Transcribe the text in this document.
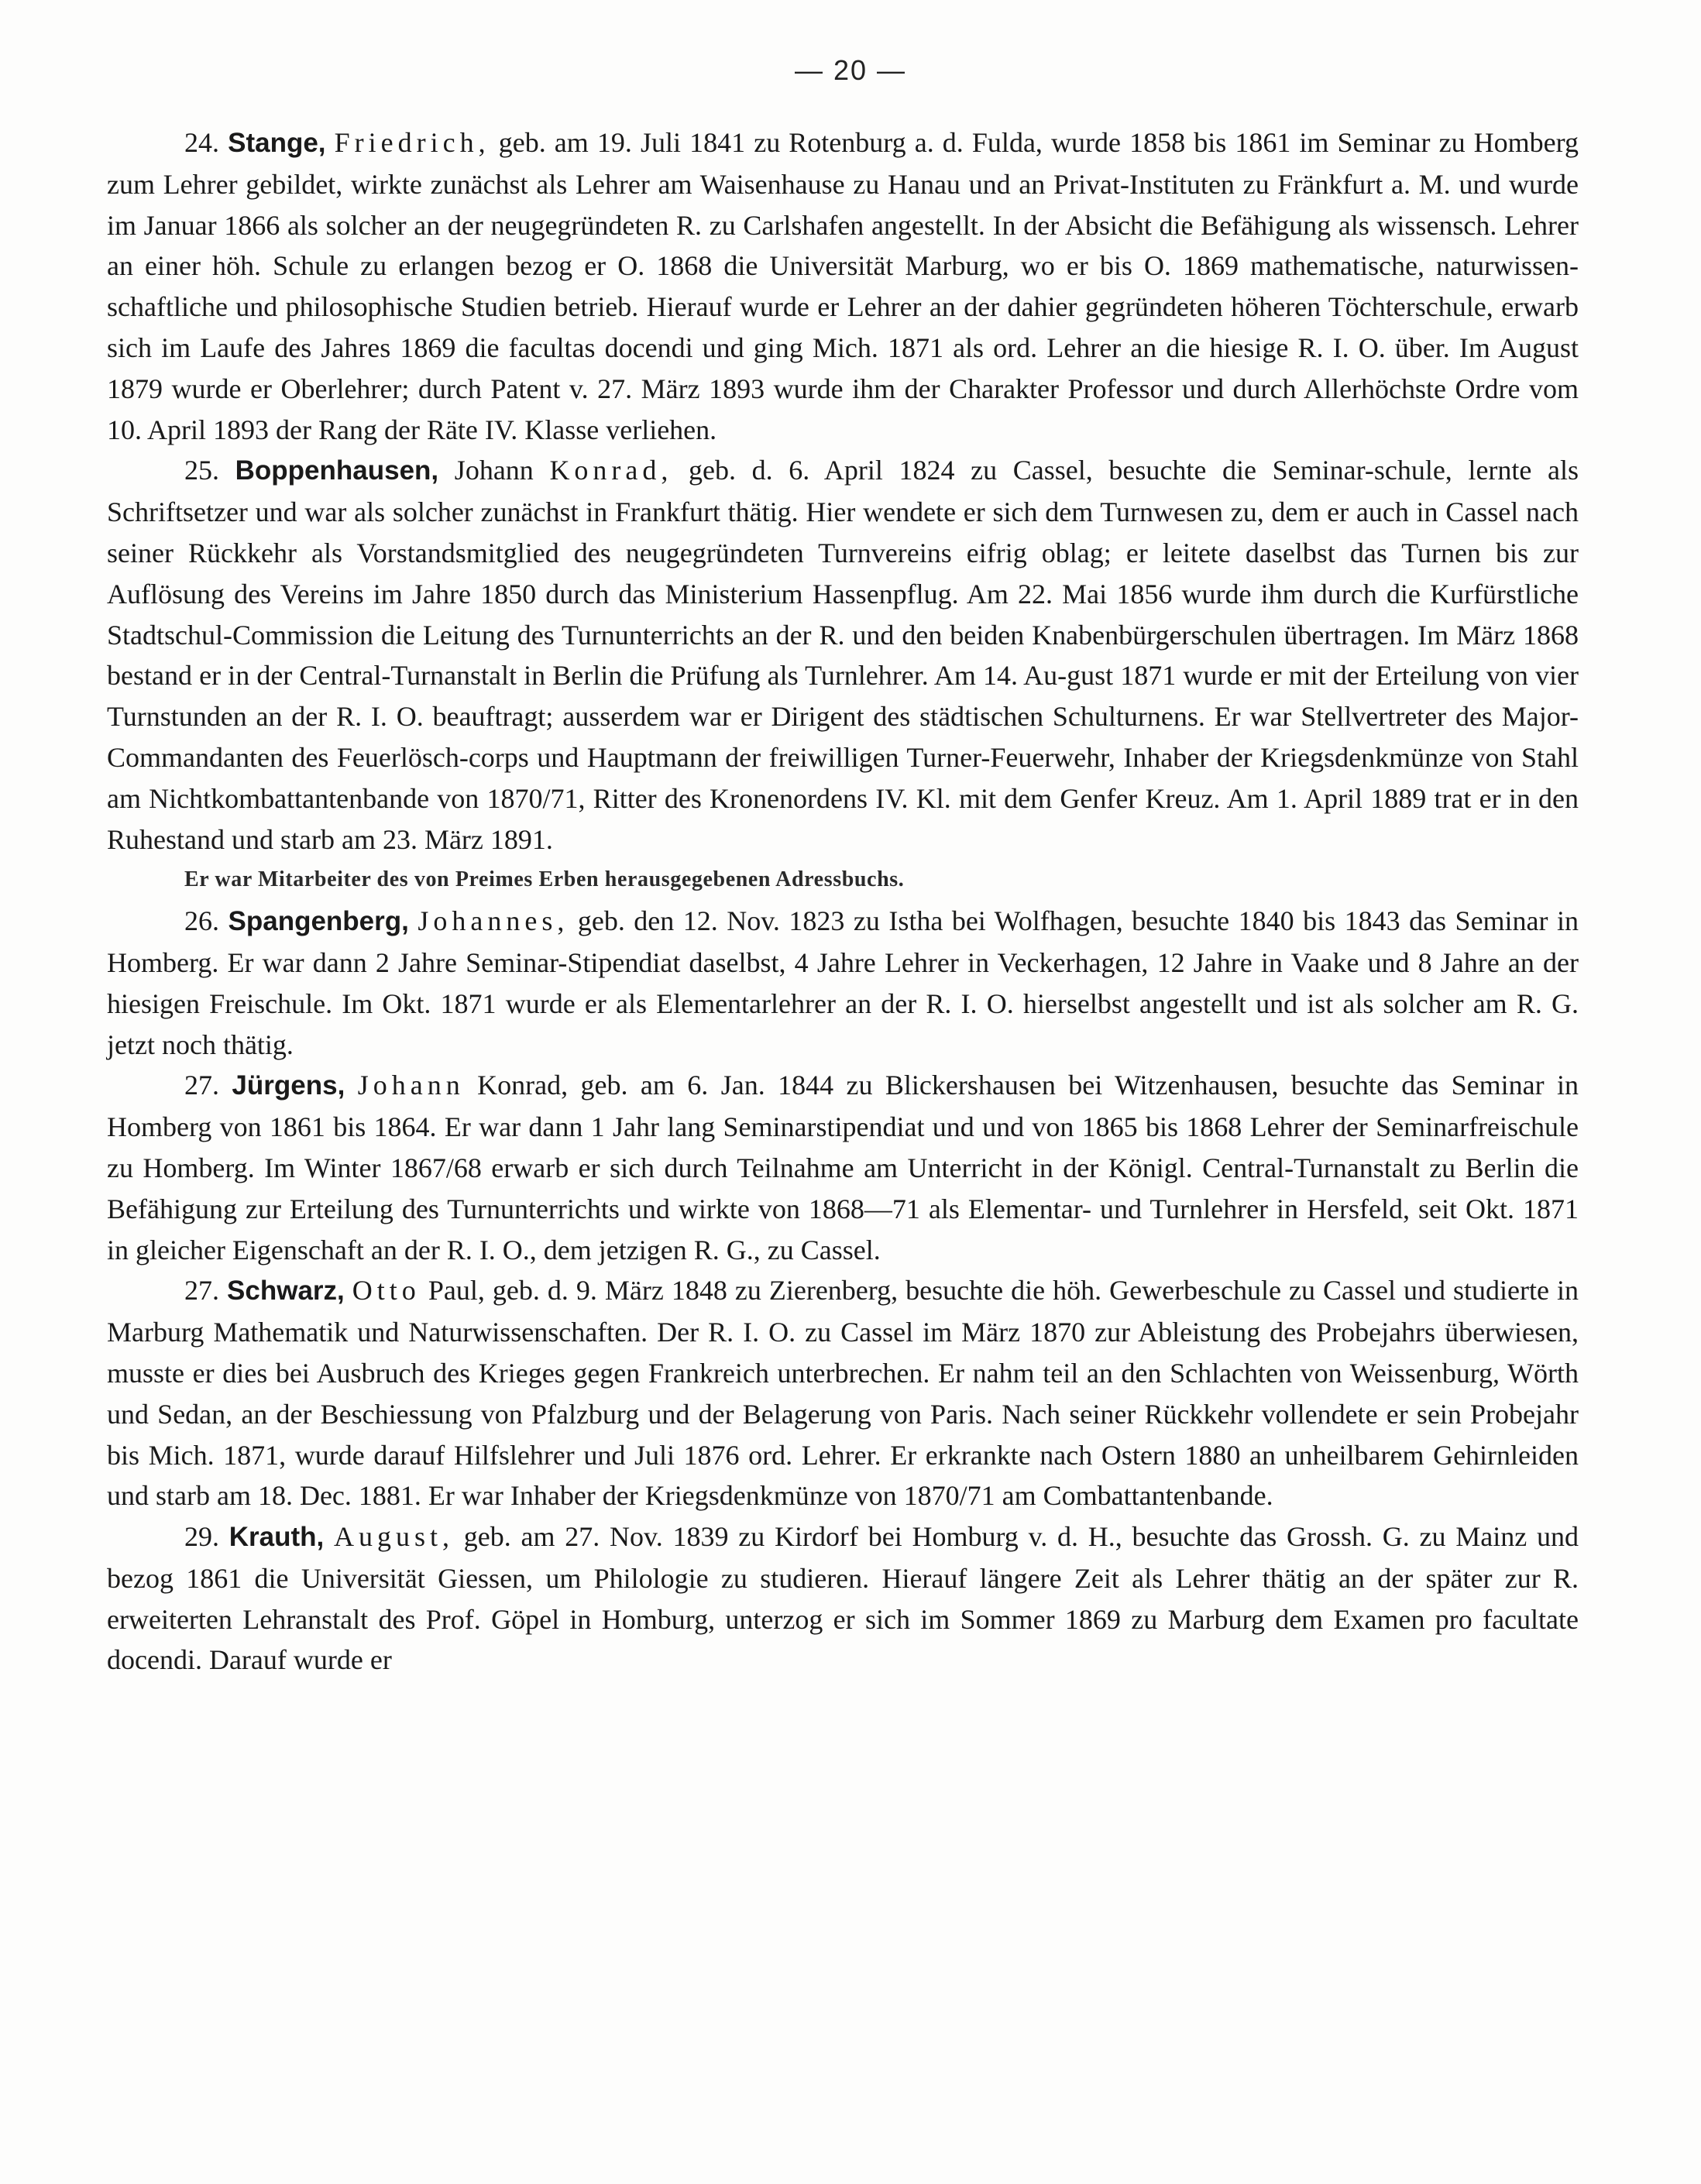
— 20 —

24. Stange, Friedrich, geb. am 19. Juli 1841 zu Rotenburg a. d. Fulda, wurde 1858 bis 1861 im Seminar zu Homberg zum Lehrer gebildet, wirkte zunächst als Lehrer am Waisenhause zu Hanau und an Privat-Instituten zu Fränkfurt a. M. und wurde im Januar 1866 als solcher an der neugegründeten R. zu Carlshafen angestellt. In der Absicht die Befähigung als wissensch. Lehrer an einer höh. Schule zu erlangen bezog er O. 1868 die Universität Marburg, wo er bis O. 1869 mathematische, naturwissen-schaftliche und philosophische Studien betrieb. Hierauf wurde er Lehrer an der dahier gegründeten höheren Töchterschule, erwarb sich im Laufe des Jahres 1869 die facultas docendi und ging Mich. 1871 als ord. Lehrer an die hiesige R. I. O. über. Im August 1879 wurde er Oberlehrer; durch Patent v. 27. März 1893 wurde ihm der Charakter Professor und durch Allerhöchste Ordre vom 10. April 1893 der Rang der Räte IV. Klasse verliehen.

25. Boppenhausen, Johann Konrad, geb. d. 6. April 1824 zu Cassel, besuchte die Seminar-schule, lernte als Schriftsetzer und war als solcher zunächst in Frankfurt thätig. Hier wendete er sich dem Turnwesen zu, dem er auch in Cassel nach seiner Rückkehr als Vorstandsmitglied des neugegründeten Turnvereins eifrig oblag; er leitete daselbst das Turnen bis zur Auflösung des Vereins im Jahre 1850 durch das Ministerium Hassenpflug. Am 22. Mai 1856 wurde ihm durch die Kurfürstliche Stadtschul-Commission die Leitung des Turnunterrichts an der R. und den beiden Knabenbürgerschulen übertragen. Im März 1868 bestand er in der Central-Turnanstalt in Berlin die Prüfung als Turnlehrer. Am 14. Au-gust 1871 wurde er mit der Erteilung von vier Turnstunden an der R. I. O. beauftragt; ausserdem war er Dirigent des städtischen Schulturnens. Er war Stellvertreter des Major-Commandanten des Feuerlösch-corps und Hauptmann der freiwilligen Turner-Feuerwehr, Inhaber der Kriegsdenkmünze von Stahl am Nichtkombattantenbande von 1870/71, Ritter des Kronenordens IV. Kl. mit dem Genfer Kreuz. Am 1. April 1889 trat er in den Ruhestand und starb am 23. März 1891.

Er war Mitarbeiter des von Preimes Erben herausgegebenen Adressbuchs.

26. Spangenberg, Johannes, geb. den 12. Nov. 1823 zu Istha bei Wolfhagen, besuchte 1840 bis 1843 das Seminar in Homberg. Er war dann 2 Jahre Seminar-Stipendiat daselbst, 4 Jahre Lehrer in Veckerhagen, 12 Jahre in Vaake und 8 Jahre an der hiesigen Freischule. Im Okt. 1871 wurde er als Elementarlehrer an der R. I. O. hierselbst angestellt und ist als solcher am R. G. jetzt noch thätig.

27. Jürgens, Johann Konrad, geb. am 6. Jan. 1844 zu Blickershausen bei Witzenhausen, besuchte das Seminar in Homberg von 1861 bis 1864. Er war dann 1 Jahr lang Seminarstipendiat und und von 1865 bis 1868 Lehrer der Seminarfreischule zu Homberg. Im Winter 1867/68 erwarb er sich durch Teilnahme am Unterricht in der Königl. Central-Turnanstalt zu Berlin die Befähigung zur Erteilung des Turnunterrichts und wirkte von 1868—71 als Elementar- und Turnlehrer in Hersfeld, seit Okt. 1871 in gleicher Eigenschaft an der R. I. O., dem jetzigen R. G., zu Cassel.

27. Schwarz, Otto Paul, geb. d. 9. März 1848 zu Zierenberg, besuchte die höh. Gewerbeschule zu Cassel und studierte in Marburg Mathematik und Naturwissenschaften. Der R. I. O. zu Cassel im März 1870 zur Ableistung des Probejahrs überwiesen, musste er dies bei Ausbruch des Krieges gegen Frankreich unterbrechen. Er nahm teil an den Schlachten von Weissenburg, Wörth und Sedan, an der Beschiessung von Pfalzburg und der Belagerung von Paris. Nach seiner Rückkehr vollendete er sein Probejahr bis Mich. 1871, wurde darauf Hilfslehrer und Juli 1876 ord. Lehrer. Er erkrankte nach Ostern 1880 an unheilbarem Gehirnleiden und starb am 18. Dec. 1881. Er war Inhaber der Kriegsdenkmünze von 1870/71 am Combattantenbande.

29. Krauth, August, geb. am 27. Nov. 1839 zu Kirdorf bei Homburg v. d. H., besuchte das Grossh. G. zu Mainz und bezog 1861 die Universität Giessen, um Philologie zu studieren. Hierauf längere Zeit als Lehrer thätig an der später zur R. erweiterten Lehranstalt des Prof. Göpel in Homburg, unterzog er sich im Sommer 1869 zu Marburg dem Examen pro facultate docendi. Darauf wurde er
